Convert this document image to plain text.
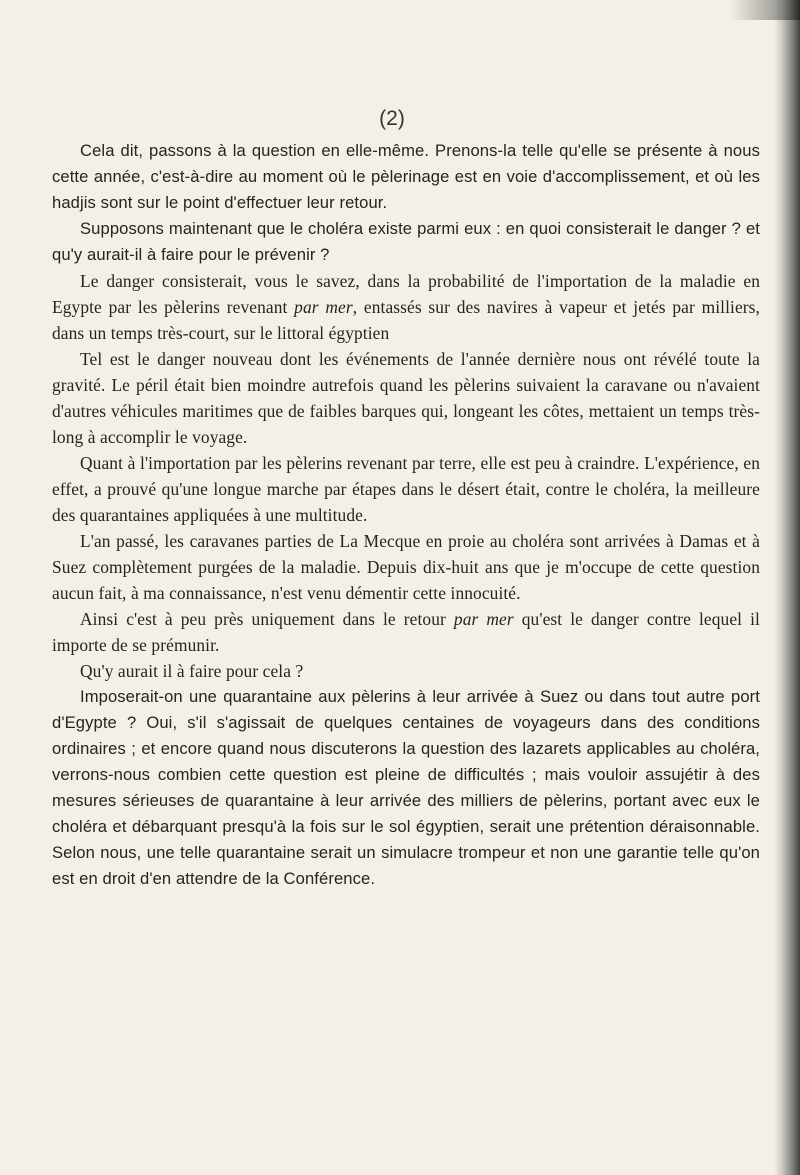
(2)

Cela dit, passons à la question en elle-même. Prenons-la telle qu'elle se présente à nous cette année, c'est-à-dire au moment où le pèlerinage est en voie d'accomplissement, et où les hadjis sont sur le point d'effectuer leur retour.

Supposons maintenant que le choléra existe parmi eux : en quoi consisterait le danger ? et qu'y aurait-il à faire pour le prévenir ?

Le danger consisterait, vous le savez, dans la probabilité de l'importation de la maladie en Egypte par les pèlerins revenant par mer, entassés sur des navires à vapeur et jetés par milliers, dans un temps très-court, sur le littoral égyptien

Tel est le danger nouveau dont les événements de l'année dernière nous ont révélé toute la gravité. Le péril était bien moindre autrefois quand les pèlerins suivaient la caravane ou n'avaient d'autres véhicules maritimes que de faibles barques qui, longeant les côtes, mettaient un temps très-long à accomplir le voyage.

Quant à l'importation par les pèlerins revenant par terre, elle est peu à craindre. L'expérience, en effet, a prouvé qu'une longue marche par étapes dans le désert était, contre le choléra, la meilleure des quarantaines appliquées à une multitude.

L'an passé, les caravanes parties de La Mecque en proie au choléra sont arrivées à Damas et à Suez complètement purgées de la maladie. Depuis dix-huit ans que je m'occupe de cette question aucun fait, à ma connaissance, n'est venu démentir cette innocuité.

Ainsi c'est à peu près uniquement dans le retour par mer qu'est le danger contre lequel il importe de se prémunir.

Qu'y aurait il à faire pour cela ?

Imposerait-on une quarantaine aux pèlerins à leur arrivée à Suez ou dans tout autre port d'Egypte ? Oui, s'il s'agissait de quelques centaines de voyageurs dans des conditions ordinaires ; et encore quand nous discuterons la question des lazarets applicables au choléra, verrons-nous combien cette question est pleine de difficultés ; mais vouloir assujétir à des mesures sérieuses de quarantaine à leur arrivée des milliers de pèlerins, portant avec eux le choléra et débarquant presqu'à la fois sur le sol égyptien, serait une prétention déraisonnable. Selon nous, une telle quarantaine serait un simulacre trompeur et non une garantie telle qu'on est en droit d'en attendre de la Conférence.
